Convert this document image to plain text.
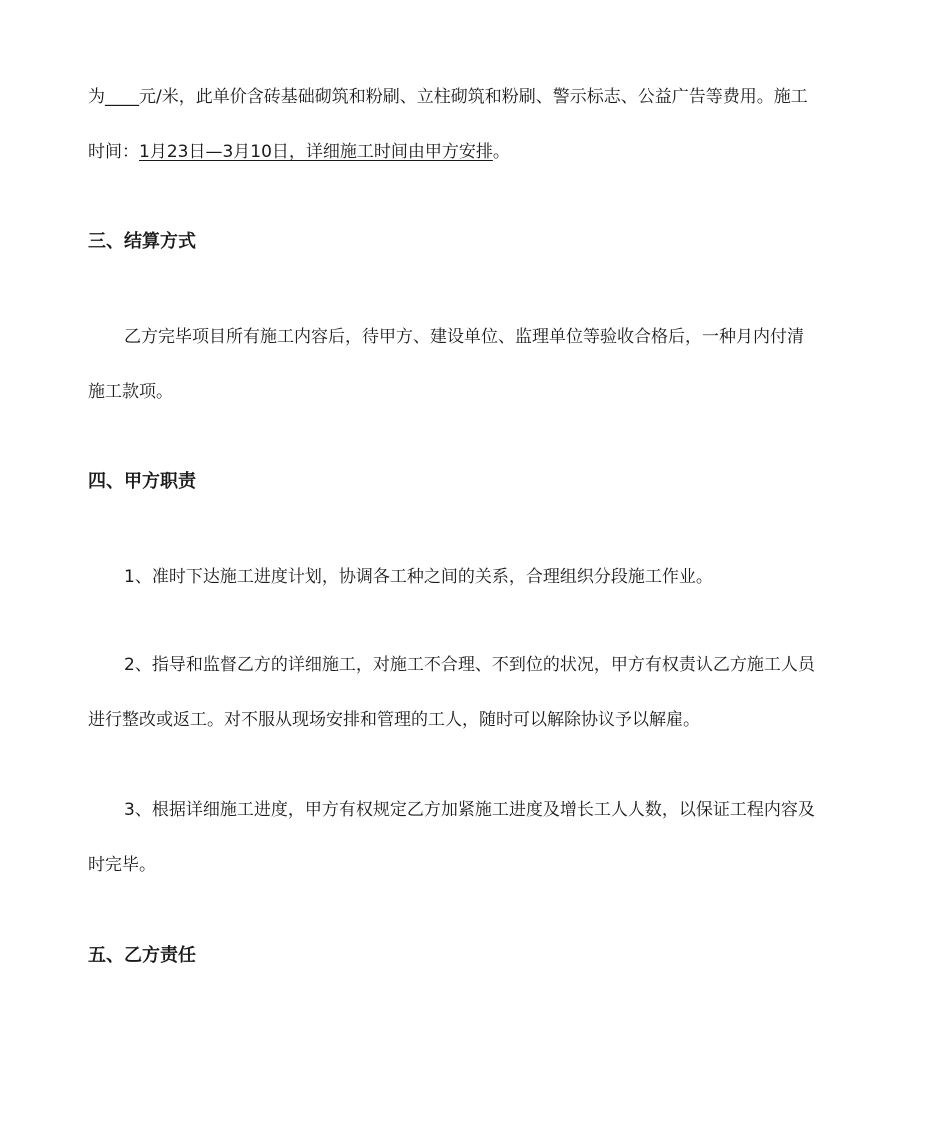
为____元/米，此单价含砖基础砌筑和粉刷、立柱砌筑和粉刷、警示标志、公益广告等费用。施工
时间：1月23日—3月10日，详细施工时间由甲方安排。
三、结算方式
乙方完毕项目所有施工内容后，待甲方、建设单位、监理单位等验收合格后，一种月内付清
施工款项。
四、甲方职责
1、准时下达施工进度计划，协调各工种之间的关系，合理组织分段施工作业。
2、指导和监督乙方的详细施工，对施工不合理、不到位的状况，甲方有权责认乙方施工人员
进行整改或返工。对不服从现场安排和管理的工人，随时可以解除协议予以解雇。
3、根据详细施工进度，甲方有权规定乙方加紧施工进度及增长工人人数，以保证工程内容及
时完毕。
五、乙方责任
